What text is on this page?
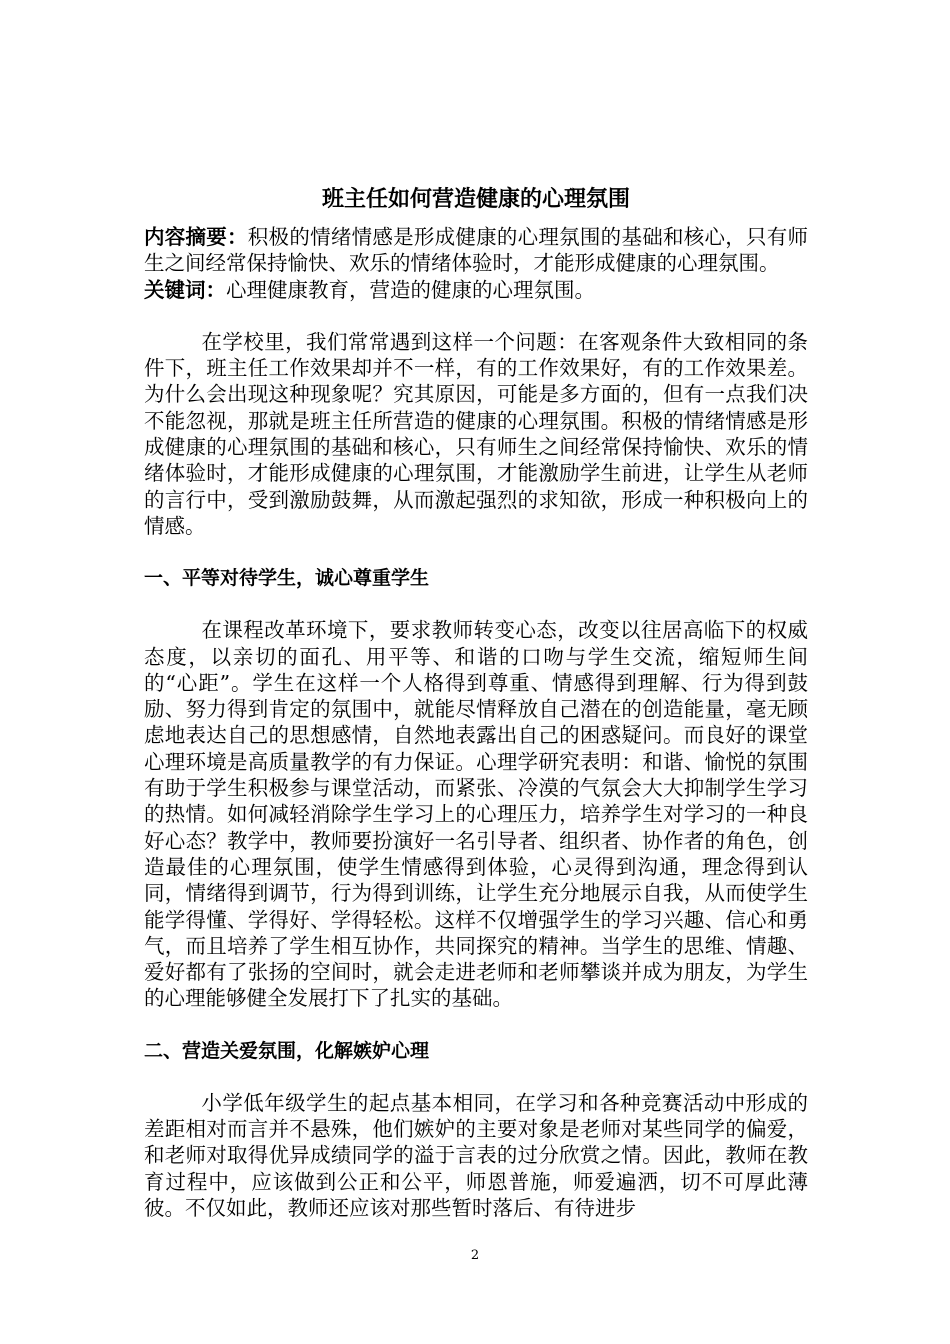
班主任如何营造健康的心理氛围

内容摘要：积极的情绪情感是形成健康的心理氛围的基础和核心，只有师生之间经常保持愉快、欢乐的情绪体验时，才能形成健康的心理氛围。

关键词：心理健康教育，营造的健康的心理氛围。

在学校里，我们常常遇到这样一个问题：在客观条件大致相同的条件下，班主任工作效果却并不一样，有的工作效果好，有的工作效果差。为什么会出现这种现象呢？究其原因，可能是多方面的，但有一点我们决不能忽视，那就是班主任所营造的健康的心理氛围。积极的情绪情感是形成健康的心理氛围的基础和核心，只有师生之间经常保持愉快、欢乐的情绪体验时，才能形成健康的心理氛围，才能激励学生前进，让学生从老师的言行中，受到激励鼓舞，从而激起强烈的求知欲，形成一种积极向上的情感。

一、平等对待学生，诚心尊重学生

在课程改革环境下，要求教师转变心态，改变以往居高临下的权威态度，以亲切的面孔、用平等、和谐的口吻与学生交流，缩短师生间的“心距”。学生在这样一个人格得到尊重、情感得到理解、行为得到鼓励、努力得到肯定的氛围中，就能尽情释放自己潜在的创造能量，毫无顾虑地表达自己的思想感情，自然地表露出自己的困惑疑问。而良好的课堂心理环境是高质量教学的有力保证。心理学研究表明：和谐、愉悦的氛围有助于学生积极参与课堂活动，而紧张、冷漠的气氛会大大抑制学生学习的热情。如何减轻消除学生学习上的心理压力，培养学生对学习的一种良好心态？教学中，教师要扮演好一名引导者、组织者、协作者的角色，创造最佳的心理氛围，使学生情感得到体验，心灵得到沟通，理念得到认同，情绪得到调节，行为得到训练，让学生充分地展示自我，从而使学生能学得懂、学得好、学得轻松。这样不仅增强学生的学习兴趣、信心和勇气，而且培养了学生相互协作，共同探究的精神。当学生的思维、情趣、爱好都有了张扬的空间时，就会走进老师和老师攀谈并成为朋友，为学生的心理能够健全发展打下了扎实的基础。

二、营造关爱氛围，化解嫉妒心理

小学低年级学生的起点基本相同，在学习和各种竞赛活动中形成的差距相对而言并不悬殊，他们嫉妒的主要对象是老师对某些同学的偏爱，和老师对取得优异成绩同学的溢于言表的过分欣赏之情。因此，教师在教育过程中，应该做到公正和公平，师恩普施，师爱遍洒，切不可厚此薄彼。不仅如此，教师还应该对那些暂时落后、有待进步

2
